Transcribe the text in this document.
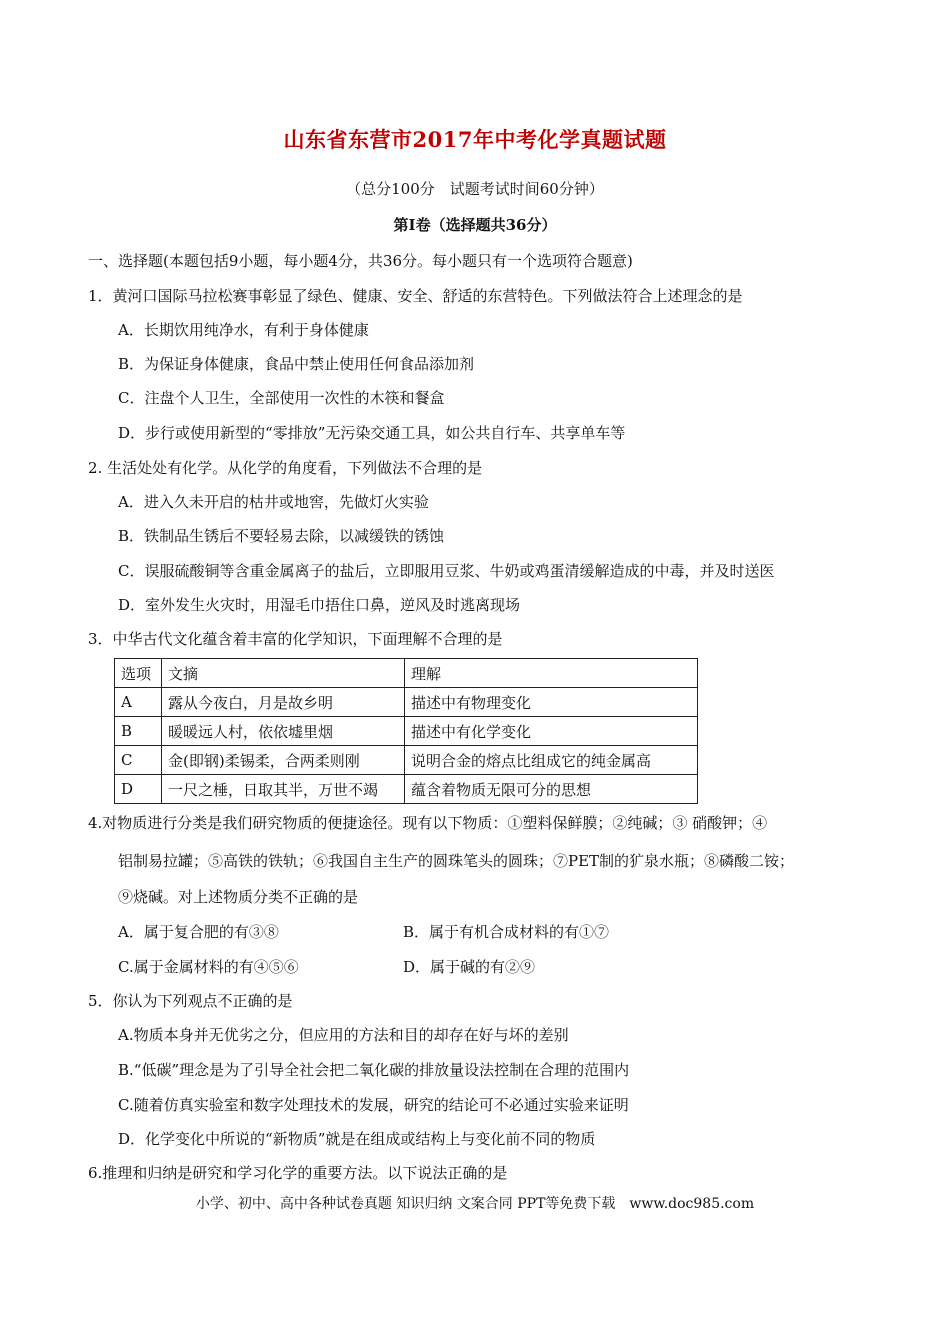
山东省东营市2017年中考化学真题试题
（总分100分　试题考试时间60分钟）
第Ⅰ卷（选择题共36分）
一、选择题(本题包括9小题，每小题4分，共36分。每小题只有一个选项符合题意)
1．黄河口国际马拉松赛事彰显了绿色、健康、安全、舒适的东营特色。下列做法符合上述理念的是
A．长期饮用纯净水，有利于身体健康
B．为保证身体健康，食品中禁止使用任何食品添加剂
C．注盘个人卫生，全部使用一次性的木筷和餐盒
D．步行或使用新型的“零排放”无污染交通工具，如公共自行车、共享单车等
2. 生活处处有化学。从化学的角度看，下列做法不合理的是
A．进入久未开启的枯井或地窖，先做灯火实验
B．铁制品生锈后不要轻易去除，以减缓铁的锈蚀
C．误服硫酸铜等含重金属离子的盐后，立即服用豆浆、牛奶或鸡蛋清缓解造成的中毒，并及时送医
D．室外发生火灾时，用湿毛巾捂住口鼻，逆风及时逃离现场
3．中华古代文化蕴含着丰富的化学知识，下面理解不合理的是
选项	文摘	理解
A	露从今夜白，月是故乡明	描述中有物理变化
B	暖暖远人村，依依墟里烟	描述中有化学变化
C	金(即钢)柔锡柔，合两柔则刚	说明合金的熔点比组成它的纯金属高
D	一尺之棰，日取其半，万世不竭	蕴含着物质无限可分的思想
4.对物质进行分类是我们研究物质的便捷途径。现有以下物质：①塑料保鲜膜；②纯碱；③ 硝酸钾；④
铝制易拉罐；⑤高铁的铁轨；⑥我国自主生产的圆珠笔头的圆珠；⑦PET制的犷泉水瓶；⑧磷酸二铵；
⑨烧碱。对上述物质分类不正确的是
A．属于复合肥的有③⑧	B．属于有机合成材料的有①⑦
C.属于金属材料的有④⑤⑥	D．属于碱的有②⑨
5．你认为下列观点不正确的是
A.物质本身并无优劣之分，但应用的方法和目的却存在好与坏的差别
B.“低碳”理念是为了引导全社会把二氧化碳的排放量设法控制在合理的范围内
C.随着仿真实验室和数字处理技术的发展，研究的结论可不必通过实验来证明
D．化学变化中所说的“新物质”就是在组成或结构上与变化前不同的物质
6.推理和归纳是研究和学习化学的重要方法。以下说法正确的是
小学、初中、高中各种试卷真题 知识归纳 文案合同 PPT等免费下载　www.doc985.com
